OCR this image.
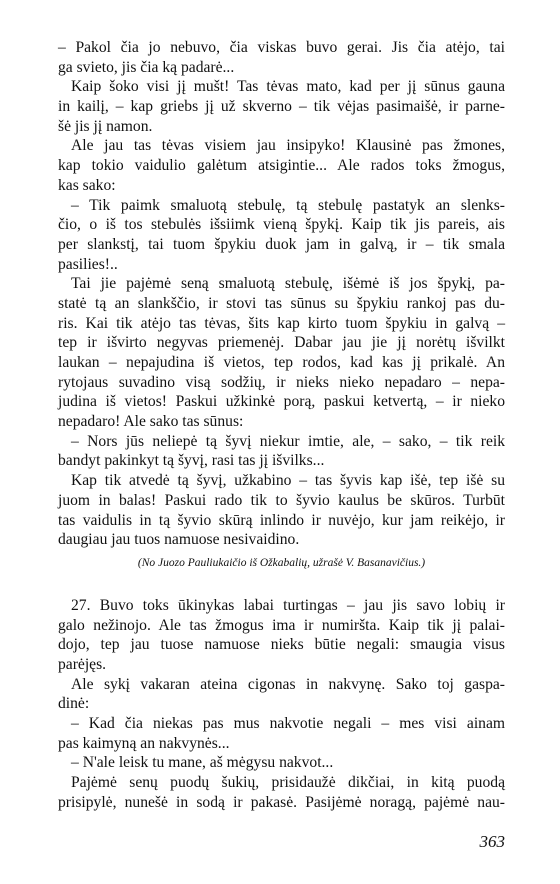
– Pakol čia jo nebuvo, čia viskas buvo gerai. Jis čia atėjo, tai
ga svieto, jis čia ką padarė...
Kaip šoko visi jį mušt! Tas tėvas mato, kad per jį sūnus gauna
in kailį, – kap griebs jį už skverno – tik vėjas pasimaišė, ir parne-
šė jis jį namon.
Ale jau tas tėvas visiem jau insipyko! Klausinė pas žmones,
kap tokio vaidulio galėtum atsigintie... Ale rados toks žmogus,
kas sako:
– Tik paimk smaluotą stebulę, tą stebulę pastatyk an slenks-
čio, o iš tos stebulės išsiimk vieną špykį. Kaip tik jis pareis, ais
per slankstį, tai tuom špykiu duok jam in galvą, ir – tik smala
pasilies!..
Tai jie pajėmė seną smaluotą stebulę, išėmė iš jos špykį, pa-
statė tą an slankščio, ir stovi tas sūnus su špykiu rankoj pas du-
ris. Kai tik atėjo tas tėvas, šits kap kirto tuom špykiu in galvą –
tep ir išvirto negyvas priemenėj. Dabar jau jie jį norėtų išvilkt
laukan – nepajudina iš vietos, tep rodos, kad kas jį prikalė. An
rytojaus suvadino visą sodžių, ir nieks nieko nepadaro – nepa-
judina iš vietos! Paskui užkinkė porą, paskui ketvertą, – ir nieko
nepadaro! Ale sako tas sūnus:
– Nors jūs neliepė tą šyvį niekur imtie, ale, – sako, – tik reik
bandyt pakinkyt tą šyvį, rasi tas jį išvilks...
Kap tik atvedė tą šyvį, užkabino – tas šyvis kap išė, tep išė su
juom in balas! Paskui rado tik to šyvio kaulus be skūros. Turbūt
tas vaidulis in tą šyvio skūrą inlindo ir nuvėjo, kur jam reikėjo, ir
daugiau jau tuos namuose nesivaidino.
(No Juozo Pauliukaičio iš Ožkabalių, užrašė V. Basanavičius.)
27. Buvo toks ūkinykas labai turtingas – jau jis savo lobių ir
galo nežinojo. Ale tas žmogus ima ir numiršta. Kaip tik jį palai-
dojo, tep jau tuose namuose nieks būtie negali: smaugia visus
parėjęs.
Ale sykį vakaran ateina cigonas in nakvynę. Sako toj gaspa-
dinė:
– Kad čia niekas pas mus nakvotie negali – mes visi ainam
pas kaimyną an nakvynės...
– N'ale leisk tu mane, aš mėgysu nakvot...
Pajėmė senų puodų šukių, prisidaužė dikčiai, in kitą puodą
prisipylė, nunešė in sodą ir pakasė. Pasijėmė noragą, pajėmė nau-
363
